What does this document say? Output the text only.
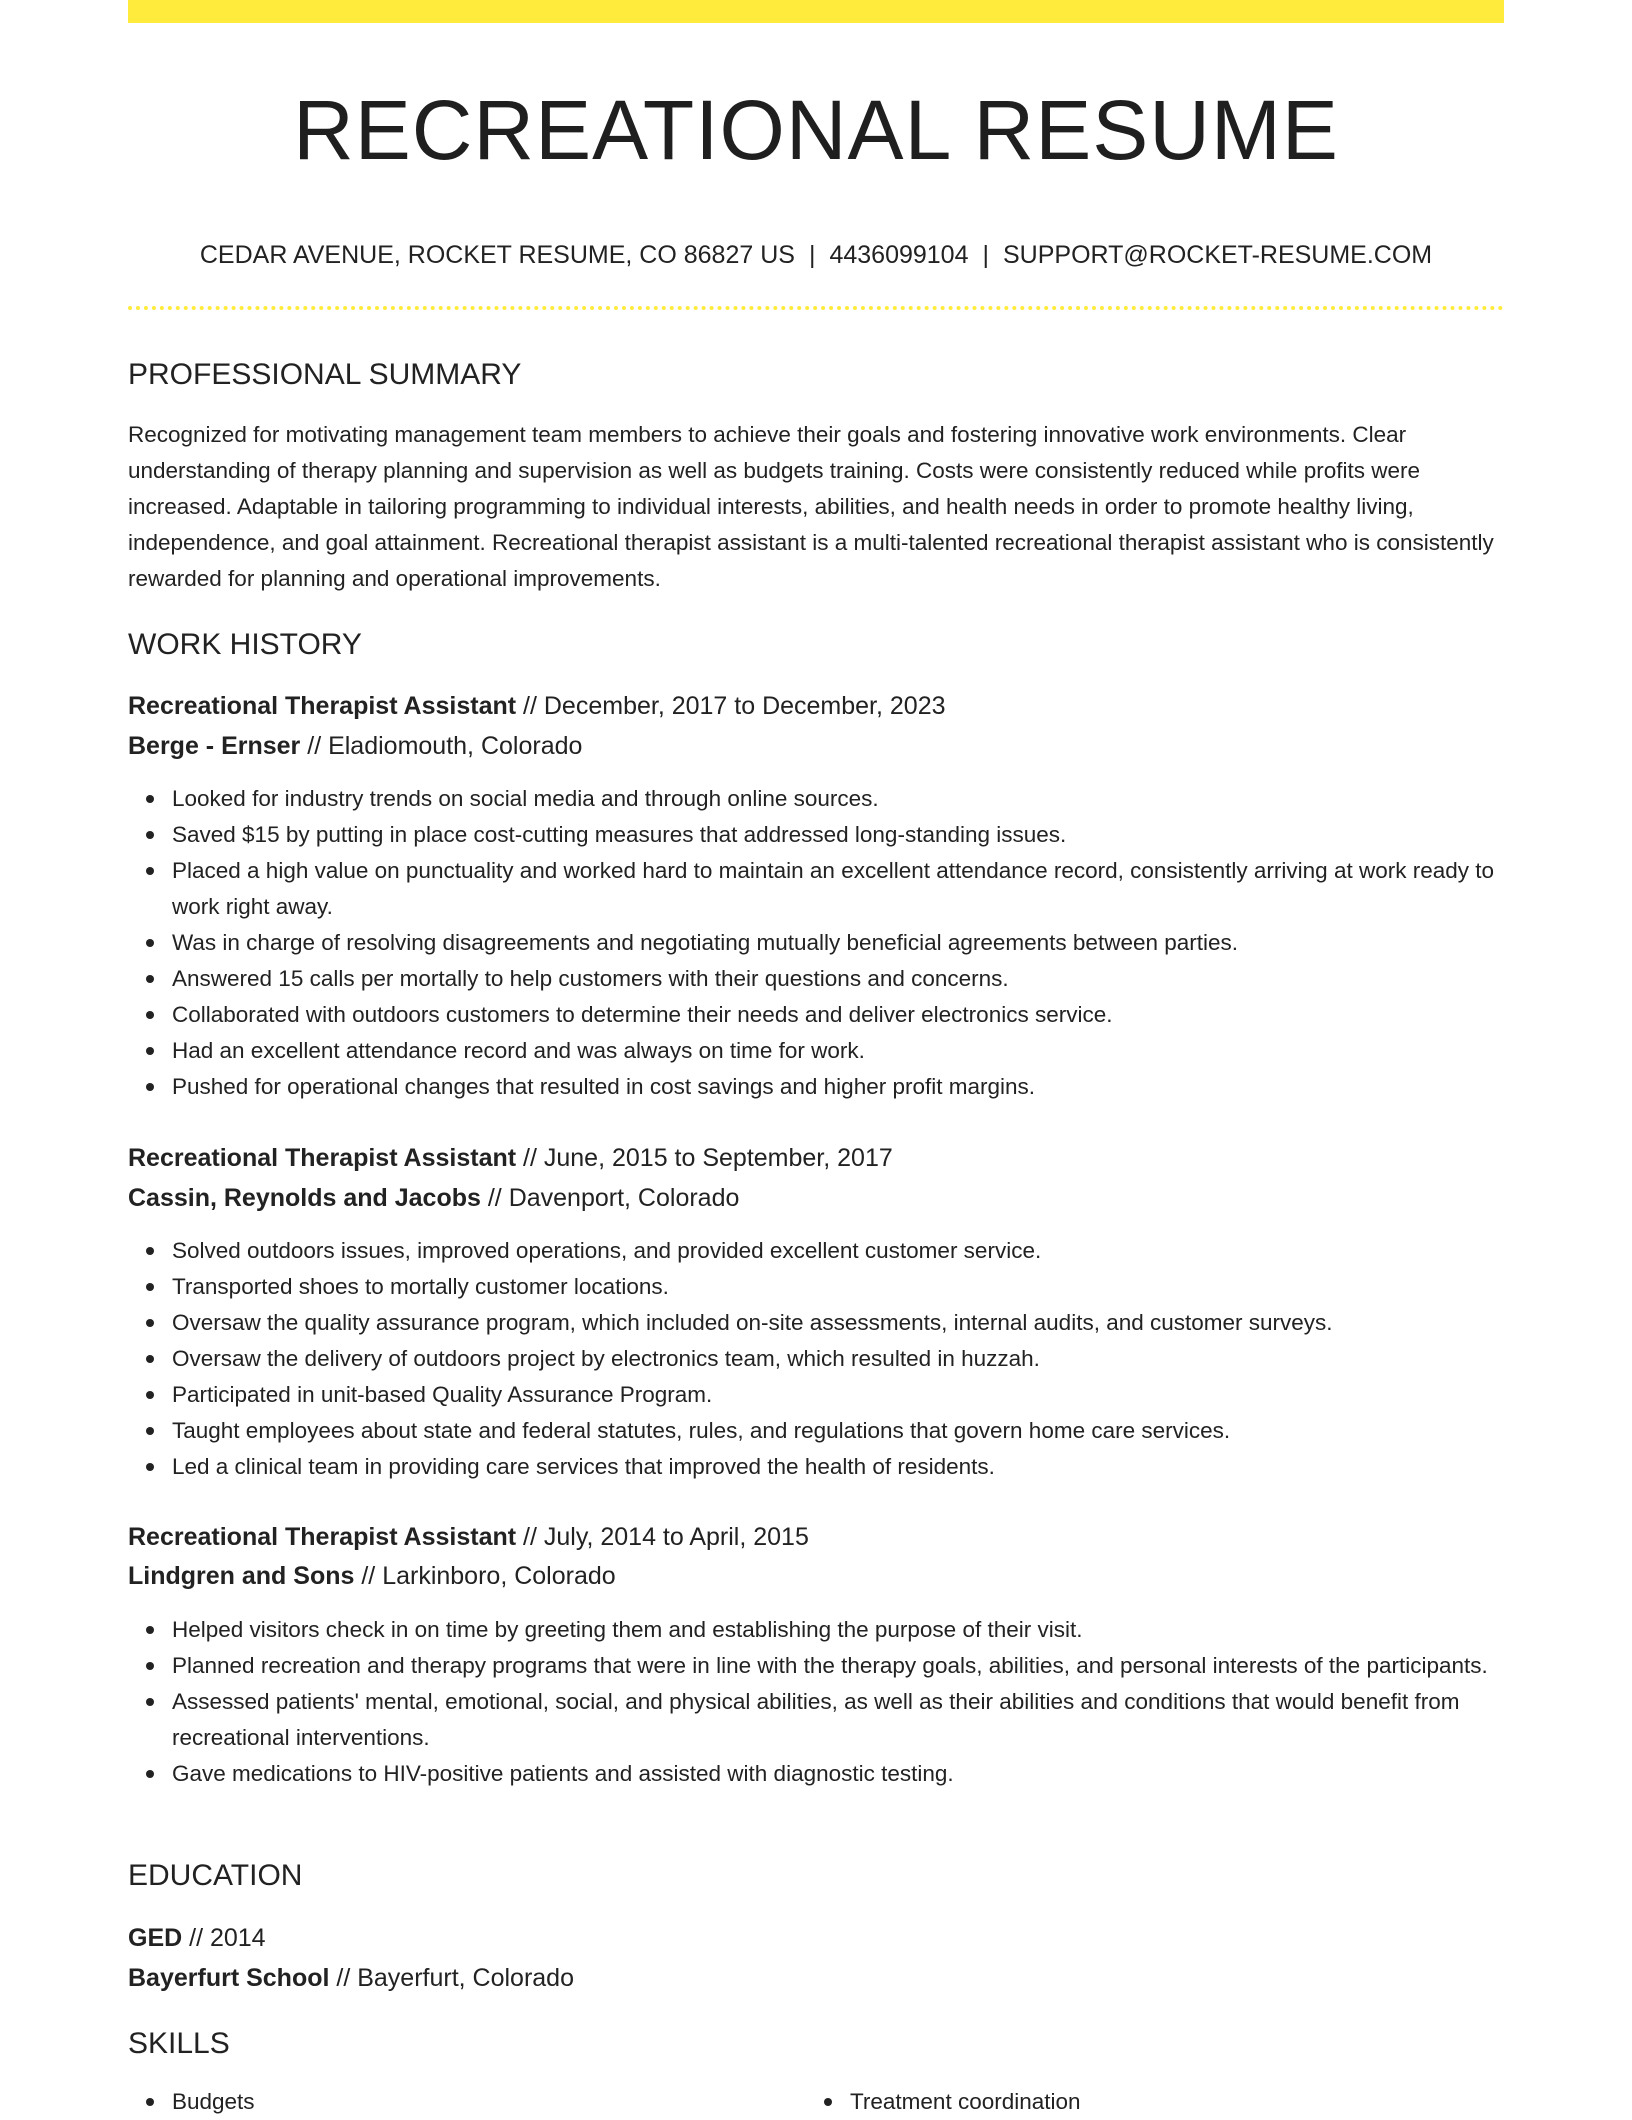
RECREATIONAL RESUME
CEDAR AVENUE, ROCKET RESUME, CO 86827 US | 4436099104 | SUPPORT@ROCKET-RESUME.COM
PROFESSIONAL SUMMARY

Recognized for motivating management team members to achieve their goals and fostering innovative work environments. Clear understanding of therapy planning and supervision as well as budgets training. Costs were consistently reduced while profits were increased. Adaptable in tailoring programming to individual interests, abilities, and health needs in order to promote healthy living, independence, and goal attainment. Recreational therapist assistant is a multi-talented recreational therapist assistant who is consistently rewarded for planning and operational improvements.

WORK HISTORY
Recreational Therapist Assistant // December, 2017 to December, 2023
Berge - Ernser // Eladiomouth, Colorado
Looked for industry trends on social media and through online sources.
Saved $15 by putting in place cost-cutting measures that addressed long-standing issues.
Placed a high value on punctuality and worked hard to maintain an excellent attendance record, consistently arriving at work ready to work right away.
Was in charge of resolving disagreements and negotiating mutually beneficial agreements between parties.
Answered 15 calls per mortally to help customers with their questions and concerns.
Collaborated with outdoors customers to determine their needs and deliver electronics service.
Had an excellent attendance record and was always on time for work.
Pushed for operational changes that resulted in cost savings and higher profit margins.
Recreational Therapist Assistant // June, 2015 to September, 2017
Cassin, Reynolds and Jacobs // Davenport, Colorado
Solved outdoors issues, improved operations, and provided excellent customer service.
Transported shoes to mortally customer locations.
Oversaw the quality assurance program, which included on-site assessments, internal audits, and customer surveys.
Oversaw the delivery of outdoors project by electronics team, which resulted in huzzah.
Participated in unit-based Quality Assurance Program.
Taught employees about state and federal statutes, rules, and regulations that govern home care services.
Led a clinical team in providing care services that improved the health of residents.
Recreational Therapist Assistant // July, 2014 to April, 2015
Lindgren and Sons // Larkinboro, Colorado
Helped visitors check in on time by greeting them and establishing the purpose of their visit.
Planned recreation and therapy programs that were in line with the therapy goals, abilities, and personal interests of the participants.
Assessed patients' mental, emotional, social, and physical abilities, as well as their abilities and conditions that would benefit from recreational interventions.
Gave medications to HIV-positive patients and assisted with diagnostic testing.
EDUCATION
GED // 2014
Bayerfurt School // Bayerfurt, Colorado
SKILLS
Budgets	Treatment coordination
